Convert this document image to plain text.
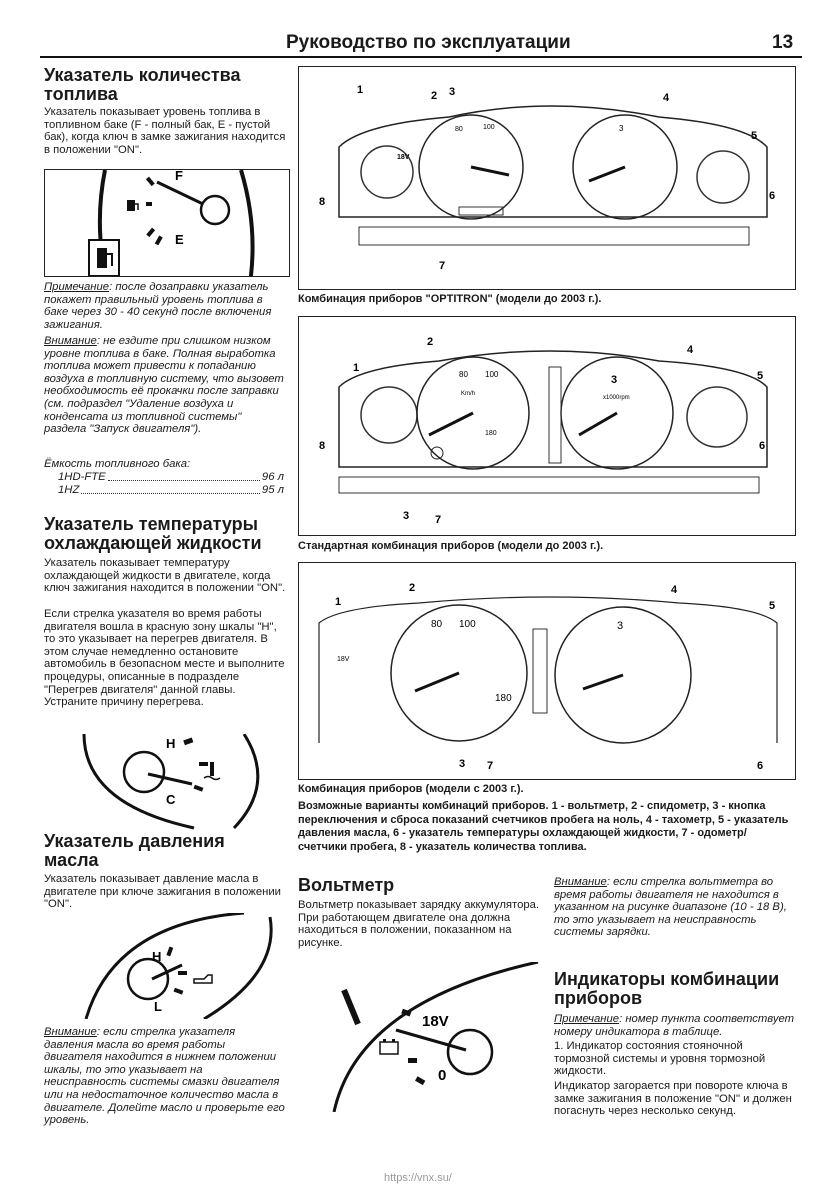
Руководство по эксплуатации	13
Указатель количества топлива
Указатель показывает уровень топлива в топливном баке (F - полный бак, E - пустой бак), когда ключ в замке зажигания находится в положении "ON".
F
E
Примечание: после дозаправки указатель покажет правильный уровень топлива в баке через 30 - 40 секунд после включения зажигания.
Внимание: не ездите при слишком низком уровне топлива в баке. Полная выработка топлива может привести к попаданию воздуха в топливную систему, что вызовет необходимость её прокачки после заправки (см. подраздел "Удаление воздуха и конденсата из топливной системы" раздела "Запуск двигателя").
Ёмкость топливного бака:
1HD-FTE	96 л
1HZ	95 л
Указатель температуры охлаждающей жидкости
Указатель показывает температуру охлаждающей жидкости в двигателе, когда ключ зажигания находится в положении "ON".
Если стрелка указателя во время работы двигателя вошла в красную зону шкалы "H", то это указывает на перегрев двигателя. В этом случае немедленно остановите автомобиль в безопасном месте и выполните процедуры, описанные в подразделе "Перегрев двигателя" данной главы. Устраните причину перегрева.
H
C
Указатель давления масла
Указатель показывает давление масла в двигателе при ключе зажигания в положении "ON".
H
L
Внимание: если стрелка указателя давления масла во время работы двигателя находится в нижнем положении шкалы, то это указывает на неисправность системы смазки двигателя или на недостаточное количество масла в двигателе. Долейте масло и проверьте его уровень.
80	100	3
18V
1	2 3	4
5
6
7
8
Комбинация приборов "OPTITRON" (модели до 2003 г.).
80 100
180
3
x1000rpm
Km/h
1
2
3
4
5
6
7
8
Стандартная комбинация приборов (модели до 2003 г.).
100
80
180
3
18V
1
2
3
4
5
6
7
Комбинация приборов (модели с 2003 г.).
Возможные варианты комбинаций приборов. 1 - вольтметр, 2 - спидометр, 3 - кнопка переключения и сброса показаний счетчиков пробега на ноль, 4 - тахометр, 5 - указатель давления масла, 6 - указатель температуры охлаждающей жидкости, 7 - одометр/счетчики пробега, 8 - указатель количества топлива.
Вольтметр
Вольтметр показывает зарядку аккумулятора. При работающем двигателе она должна находиться в положении, показанном на рисунке.
18V
0
Внимание: если стрелка вольтметра во время работы двигателя не находится в указанном на рисунке диапазоне (10 - 18 В), то это указывает на неисправность системы зарядки.
Индикаторы комбинации приборов
Примечание: номер пункта соответствует номеру индикатора в таблице.
1. Индикатор состояния стояночной тормозной системы и уровня тормозной жидкости.
Индикатор загорается при повороте ключа в замке зажигания в положение "ON" и должен погаснуть через несколько секунд.
https://vnx.su/
